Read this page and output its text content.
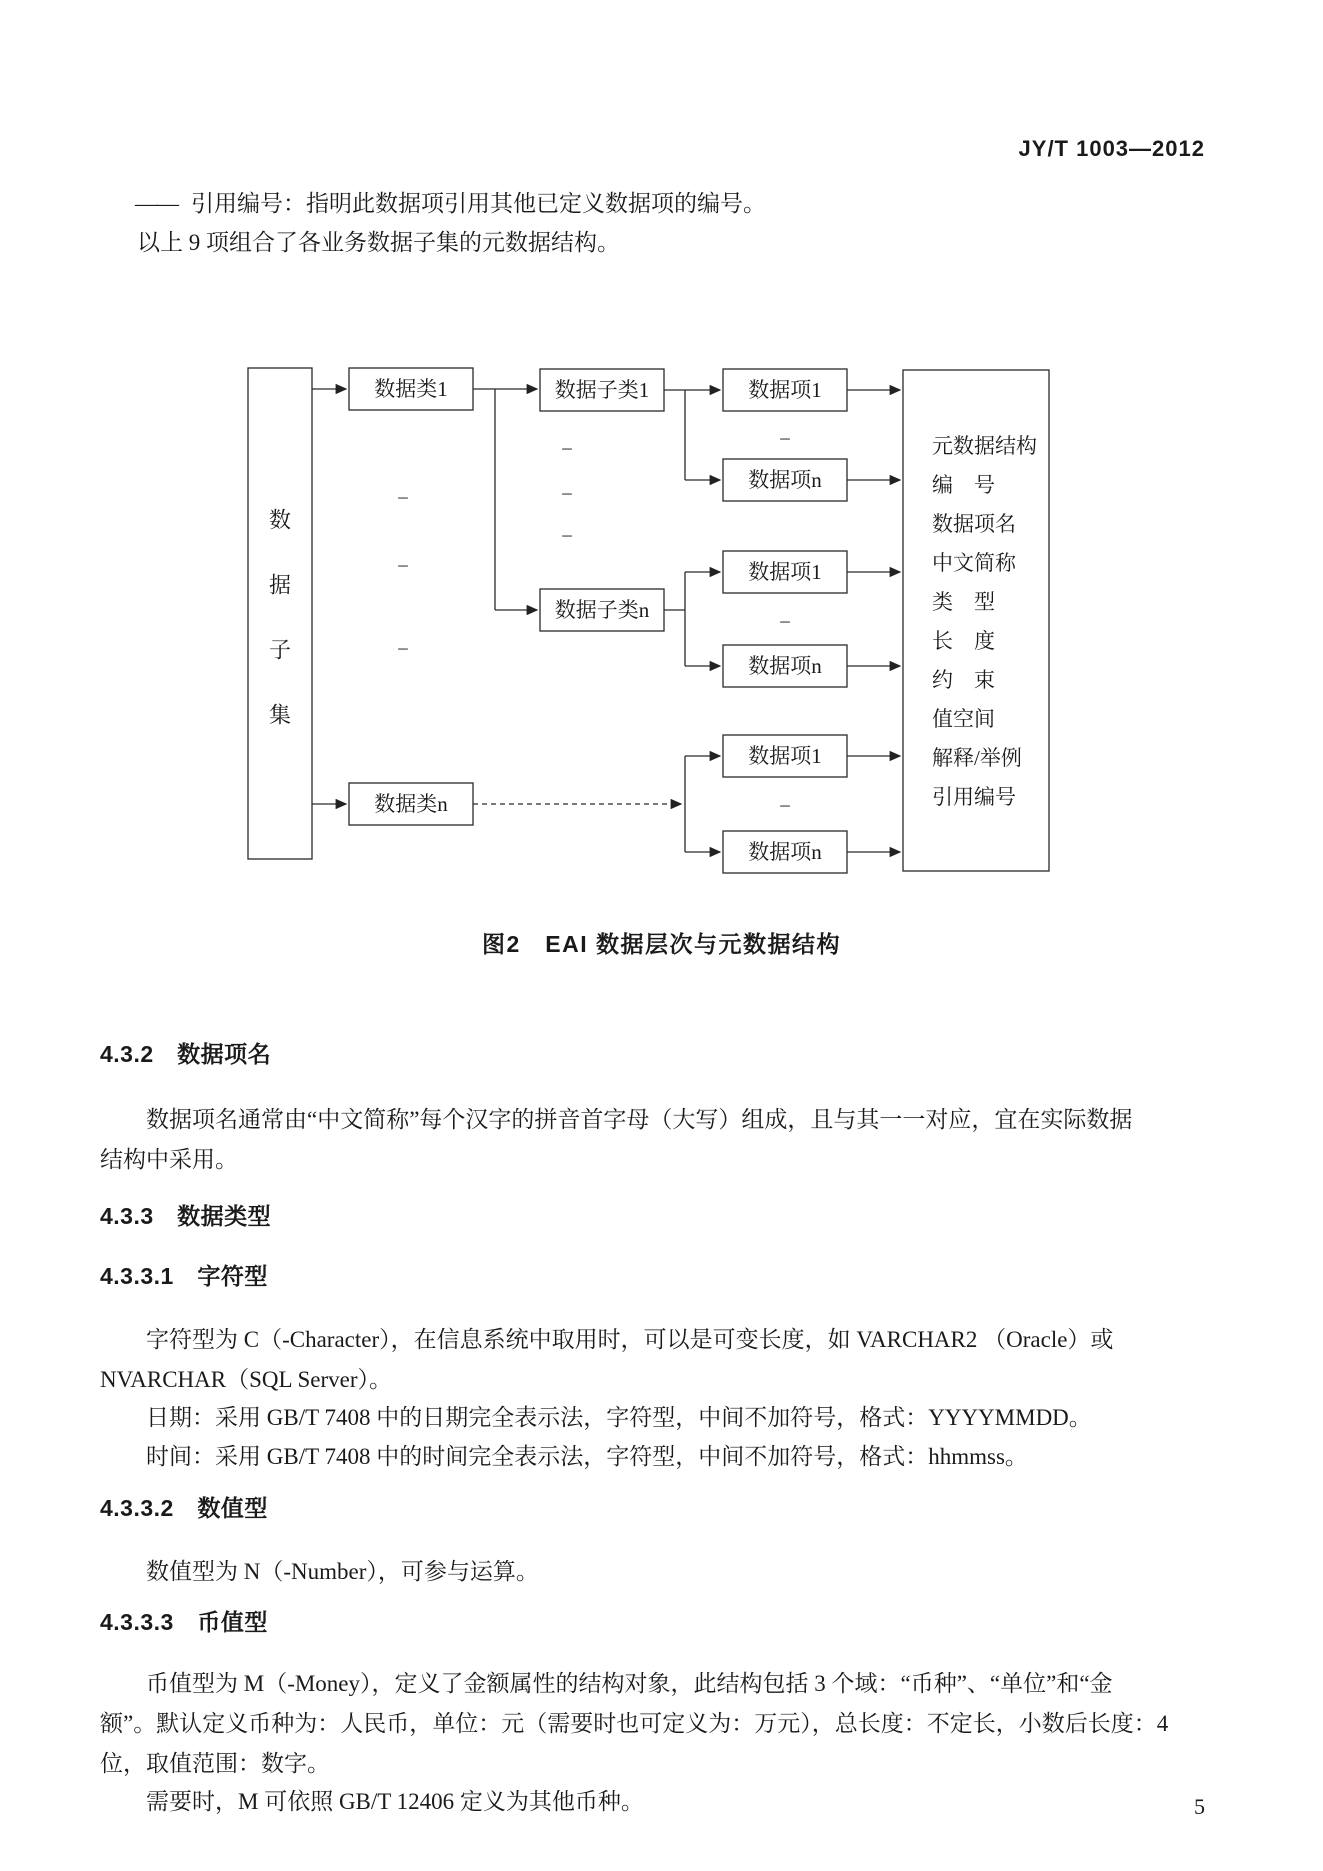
JY/T 1003—2012
—— 引用编号：指明此数据项引用其他已定义数据项的编号。
以上 9 项组合了各业务数据子集的元数据结构。
数
据
子
集
数据类1
数据类n
–
–
–
数据子类1
数据子类n
–
–
–
数据项1
–
数据项n
数据项1
–
数据项n
数据项1
–
数据项n
元数据结构
编　号
数据项名
中文简称
类　型
长　度
约　束
值空间
解释/举例
引用编号
图2　EAI 数据层次与元数据结构
4.3.2　数据项名
数据项名通常由“中文简称”每个汉字的拼音首字母（大写）组成，且与其一一对应，宜在实际数据
结构中采用。
4.3.3　数据类型
4.3.3.1　字符型
字符型为 C（-Character），在信息系统中取用时，可以是可变长度，如 VARCHAR2 （Oracle）或
NVARCHAR（SQL Server）。
日期：采用 GB/T 7408 中的日期完全表示法，字符型，中间不加符号，格式：YYYYMMDD。
时间：采用 GB/T 7408 中的时间完全表示法，字符型，中间不加符号，格式：hhmmss。
4.3.3.2　数值型
数值型为 N（-Number），可参与运算。
4.3.3.3　币值型
币值型为 M（-Money），定义了金额属性的结构对象，此结构包括 3 个域：“币种”、“单位”和“金
额”。默认定义币种为：人民币，单位：元（需要时也可定义为：万元），总长度：不定长，小数后长度：4
位，取值范围：数字。
需要时，M 可依照 GB/T 12406 定义为其他币种。	5
